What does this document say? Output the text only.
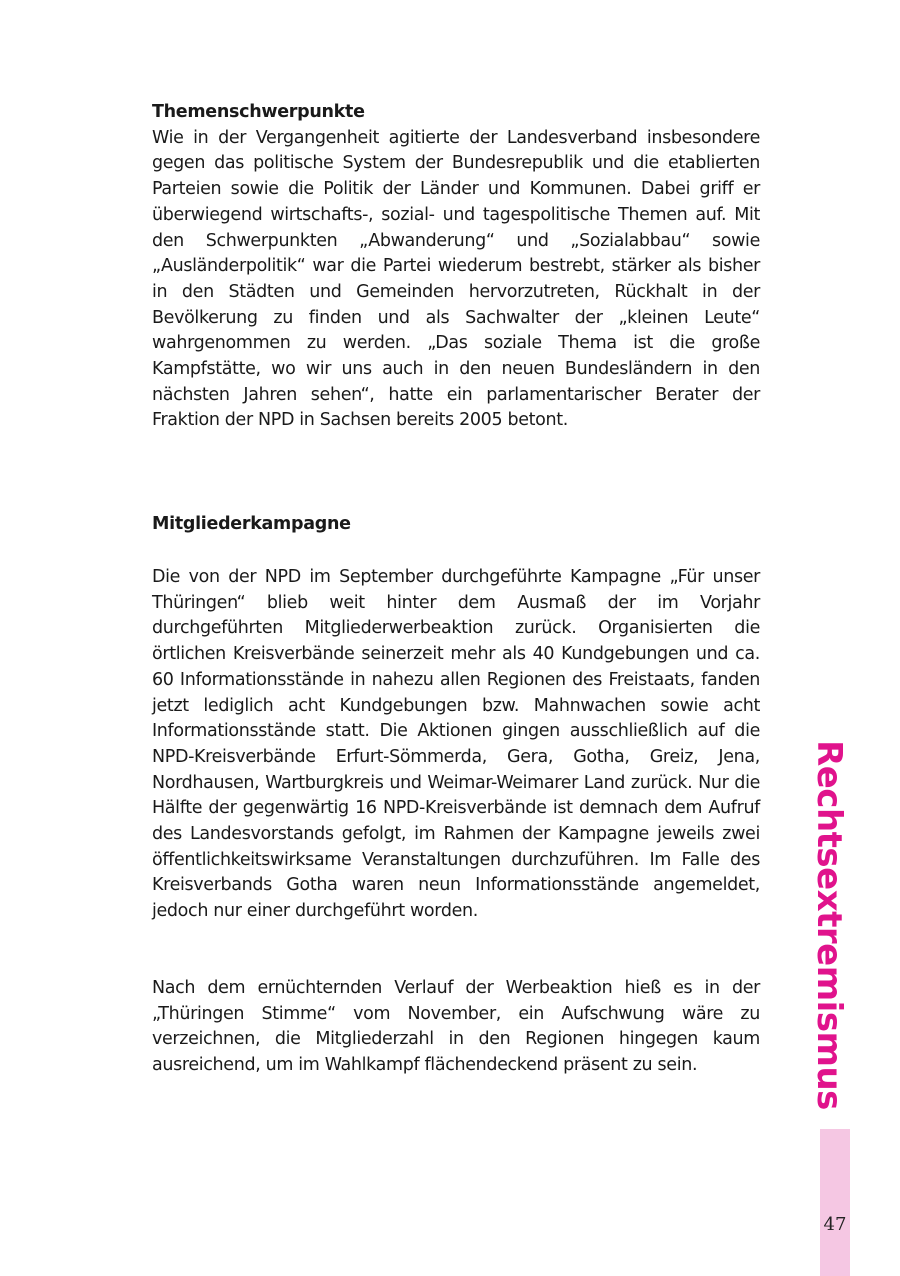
Themenschwerpunkte

Wie in der Vergangenheit agitierte der Landesverband insbesondere gegen das politische System der Bundesrepublik und die etablierten Parteien sowie die Politik der Länder und Kommunen. Dabei griff er überwiegend wirtschafts-, sozial- und tagespolitische Themen auf. Mit den Schwerpunkten „Abwanderung“ und „Sozialabbau“ sowie „Ausländerpolitik“ war die Partei wiederum bestrebt, stärker als bisher in den Städten und Gemeinden hervorzutreten, Rückhalt in der Bevölkerung zu finden und als Sachwalter der „kleinen Leute“ wahrgenommen zu werden. „Das soziale Thema ist die große Kampfstätte, wo wir uns auch in den neuen Bundesländern in den nächsten Jahren sehen“, hatte ein parlamentarischer Berater der Fraktion der NPD in Sachsen bereits 2005 betont.

Mitgliederkampagne

Die von der NPD im September durchgeführte Kampagne „Für unser Thüringen“ blieb weit hinter dem Ausmaß der im Vorjahr durchgeführten Mitgliederwerbeaktion zurück. Organisierten die örtlichen Kreisverbände seinerzeit mehr als 40 Kundgebungen und ca. 60 Informationsstände in nahezu allen Regionen des Freistaats, fanden jetzt lediglich acht Kundgebungen bzw. Mahnwachen sowie acht Informationsstände statt. Die Aktionen gingen ausschließlich auf die NPD-Kreisverbände Erfurt-Sömmerda, Gera, Gotha, Greiz, Jena, Nordhausen, Wartburgkreis und Weimar-Weimarer Land zurück. Nur die Hälfte der gegenwärtig 16 NPD-Kreisverbände ist demnach dem Aufruf des Landesvorstands gefolgt, im Rahmen der Kampagne jeweils zwei öffentlichkeitswirksame Veranstaltungen durchzuführen. Im Falle des Kreisverbands Gotha waren neun Informationsstände angemeldet, jedoch nur einer durchgeführt worden.

Nach dem ernüchternden Verlauf der Werbeaktion hieß es in der „Thüringen Stimme“ vom November, ein Aufschwung wäre zu verzeichnen, die Mitgliederzahl in den Regionen hingegen kaum ausreichend, um im Wahlkampf flächendeckend präsent zu sein.	Rechtsextremismus
47
